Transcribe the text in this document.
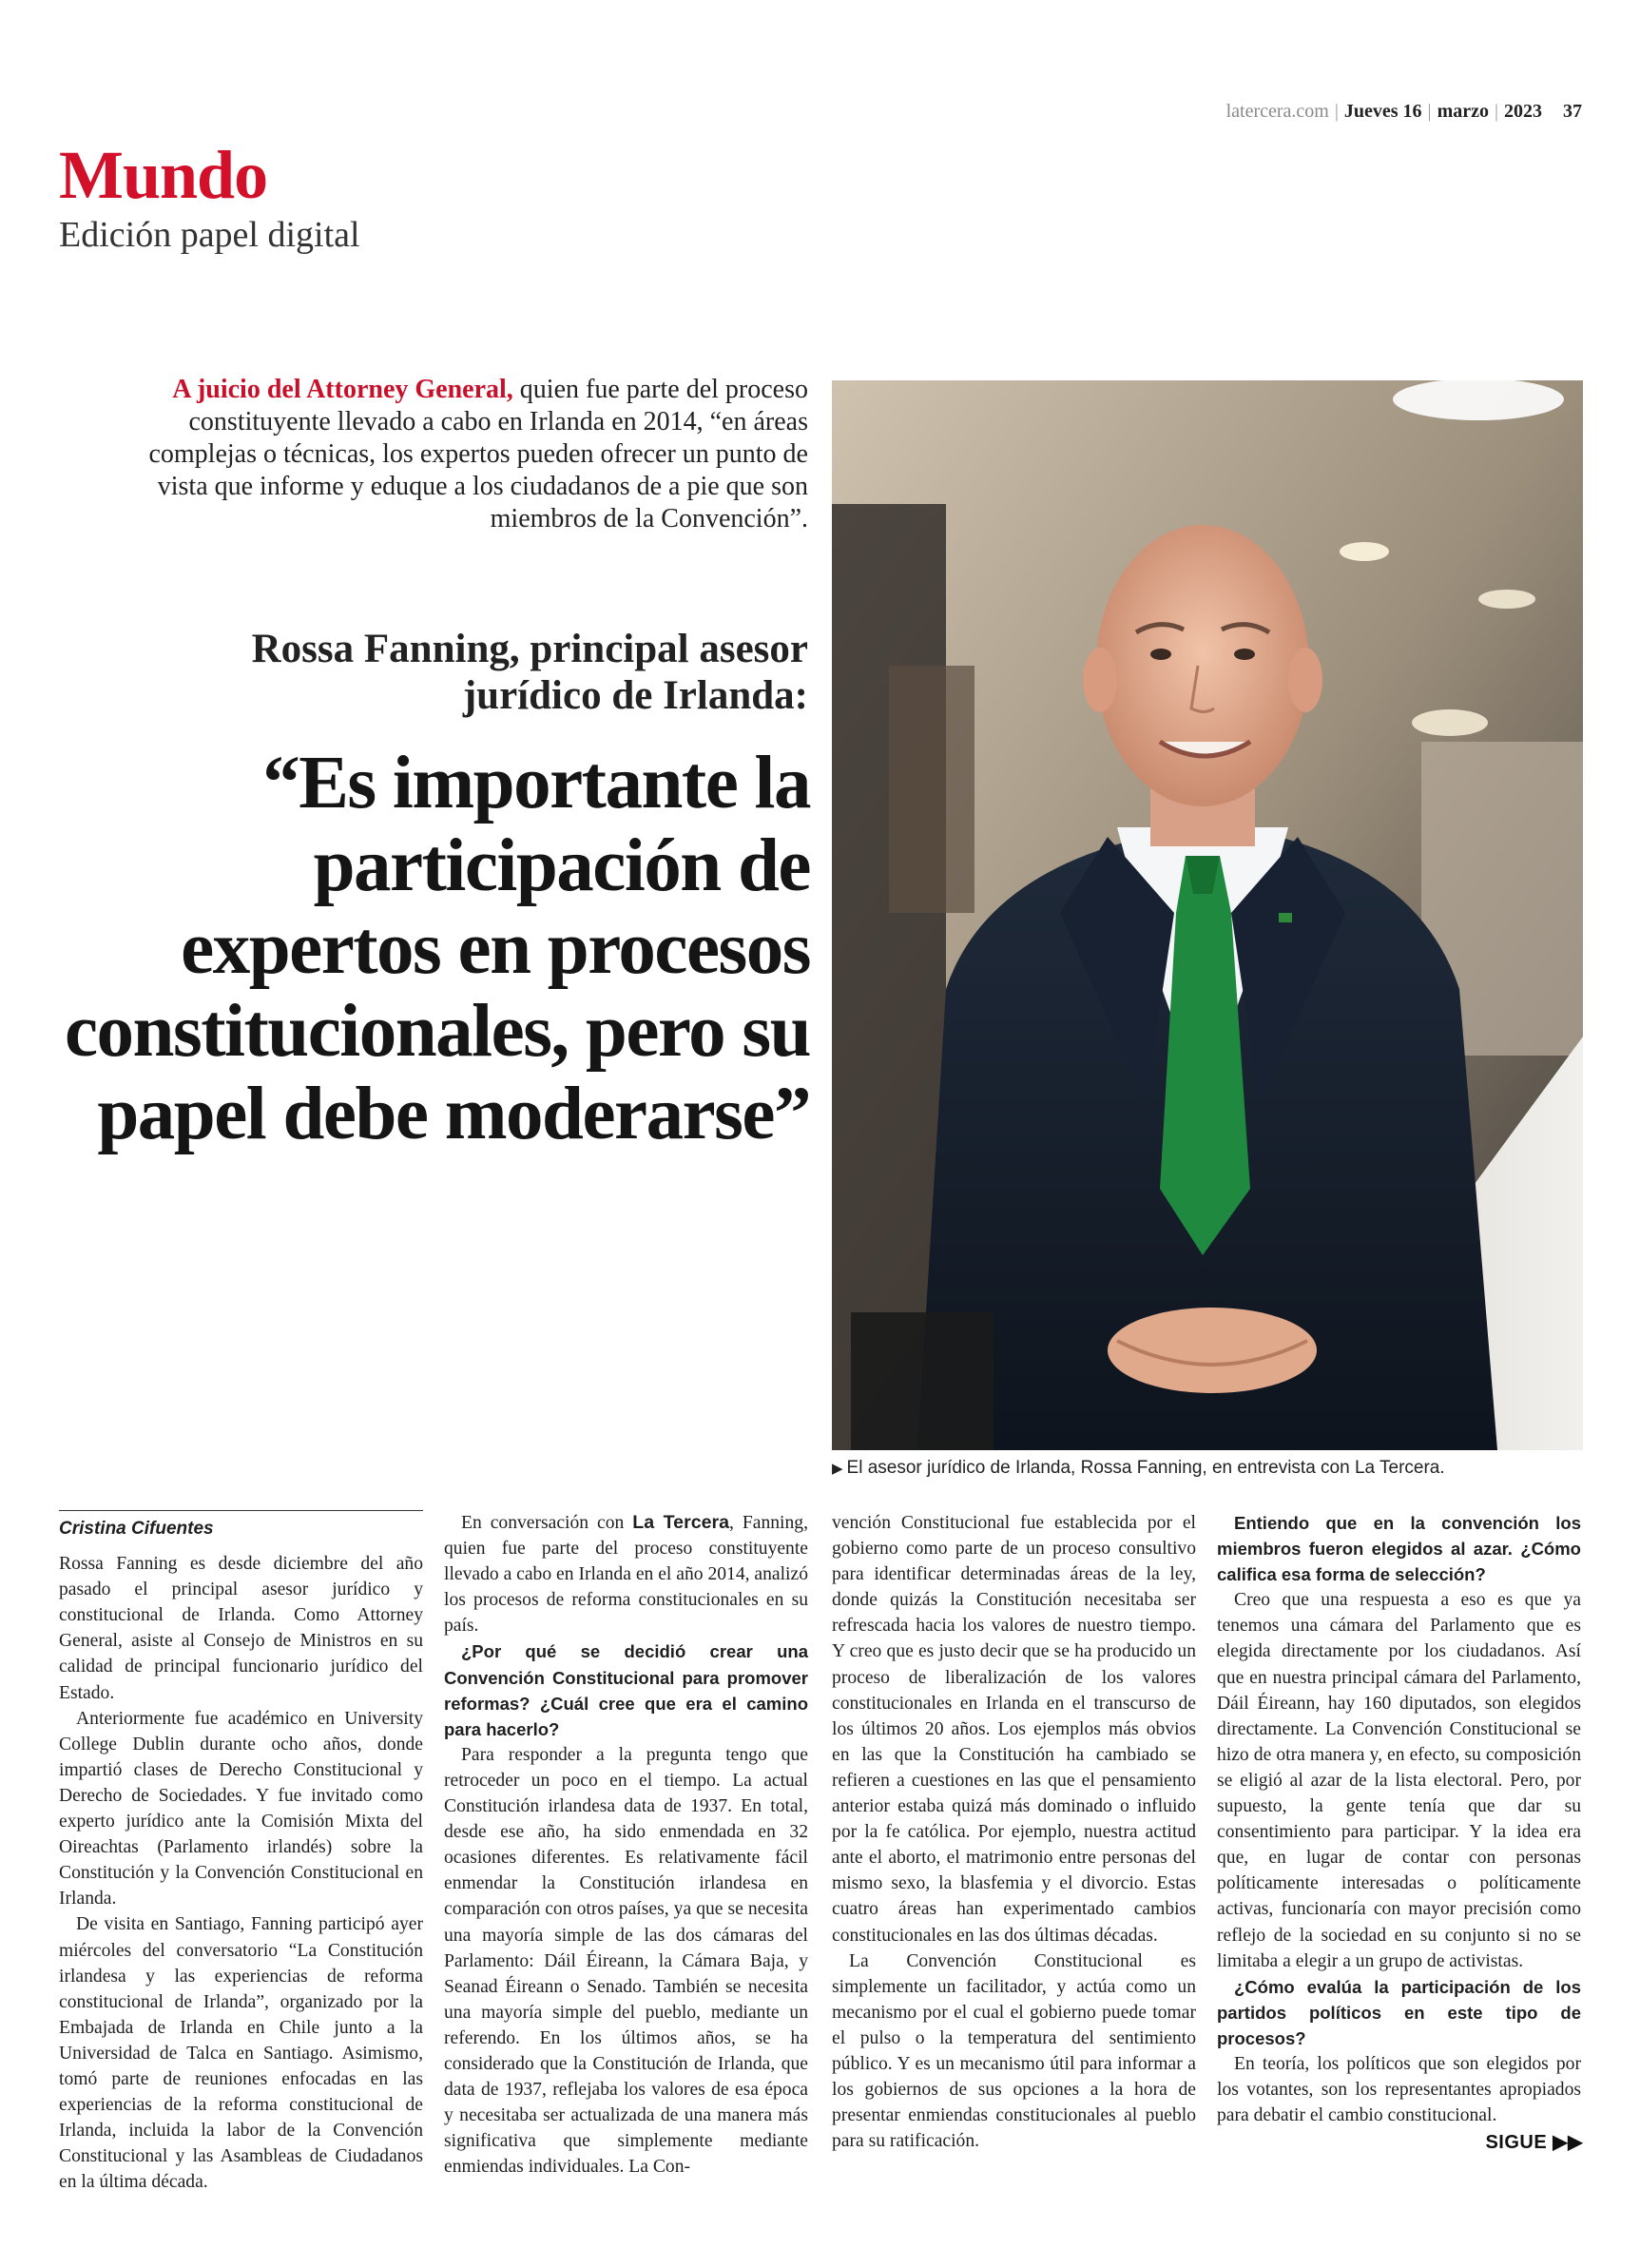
latercera.com | Jueves 16 | marzo | 2023 37
Mundo
Edición papel digital
A juicio del Attorney General, quien fue parte del proceso constituyente llevado a cabo en Irlanda en 2014, “en áreas complejas o técnicas, los expertos pueden ofrecer un punto de vista que informe y eduque a los ciudadanos de a pie que son miembros de la Convención”.
Rossa Fanning, principal asesor jurídico de Irlanda:
“Es importante la participación de expertos en procesos constitucionales, pero su papel debe moderarse”
▶ El asesor jurídico de Irlanda, Rossa Fanning, en entrevista con La Tercera.

Cristina Cifuentes

Rossa Fanning es desde diciembre del año pasado el principal asesor jurídico y constitucional de Irlanda. Como Attorney General, asiste al Consejo de Ministros en su calidad de principal funcionario jurídico del Estado.

Anteriormente fue académico en University College Dublin durante ocho años, donde impartió clases de Derecho Constitucional y Derecho de Sociedades. Y fue invitado como experto jurídico ante la Comisión Mixta del Oireachtas (Parlamento irlandés) sobre la Constitución y la Convención Constitucional en Irlanda.

De visita en Santiago, Fanning participó ayer miércoles del conversatorio “La Constitución irlandesa y las experiencias de reforma constitucional de Irlanda”, organizado por la Embajada de Irlanda en Chile junto a la Universidad de Talca en Santiago. Asimismo, tomó parte de reuniones enfocadas en las experiencias de la reforma constitucional de Irlanda, incluida la labor de la Convención Constitucional y las Asambleas de Ciudadanos en la última década.

En conversación con La Tercera, Fanning, quien fue parte del proceso constituyente llevado a cabo en Irlanda en el año 2014, analizó los procesos de reforma constitucionales en su país.

¿Por qué se decidió crear una Convención Constitucional para promover reformas? ¿Cuál cree que era el camino para hacerlo?

Para responder a la pregunta tengo que retroceder un poco en el tiempo. La actual Constitución irlandesa data de 1937. En total, desde ese año, ha sido enmendada en 32 ocasiones diferentes. Es relativamente fácil enmendar la Constitución irlandesa en comparación con otros países, ya que se necesita una mayoría simple de las dos cámaras del Parlamento: Dáil Éireann, la Cámara Baja, y Seanad Éireann o Senado. También se necesita una mayoría simple del pueblo, mediante un referendo. En los últimos años, se ha considerado que la Constitución de Irlanda, que data de 1937, reflejaba los valores de esa época y necesitaba ser actualizada de una manera más significativa que simplemente mediante enmiendas individuales. La Con-

vención Constitucional fue establecida por el gobierno como parte de un proceso consultivo para identificar determinadas áreas de la ley, donde quizás la Constitución necesitaba ser refrescada hacia los valores de nuestro tiempo. Y creo que es justo decir que se ha producido un proceso de liberalización de los valores constitucionales en Irlanda en el transcurso de los últimos 20 años. Los ejemplos más obvios en las que la Constitución ha cambiado se refieren a cuestiones en las que el pensamiento anterior estaba quizá más dominado o influido por la fe católica. Por ejemplo, nuestra actitud ante el aborto, el matrimonio entre personas del mismo sexo, la blasfemia y el divorcio. Estas cuatro áreas han experimentado cambios constitucionales en las dos últimas décadas.

La Convención Constitucional es simplemente un facilitador, y actúa como un mecanismo por el cual el gobierno puede tomar el pulso o la temperatura del sentimiento público. Y es un mecanismo útil para informar a los gobiernos de sus opciones a la hora de presentar enmiendas constitucionales al pueblo para su ratificación.

Entiendo que en la convención los miembros fueron elegidos al azar. ¿Cómo califica esa forma de selección?

Creo que una respuesta a eso es que ya tenemos una cámara del Parlamento que es elegida directamente por los ciudadanos. Así que en nuestra principal cámara del Parlamento, Dáil Éireann, hay 160 diputados, son elegidos directamente. La Convención Constitucional se hizo de otra manera y, en efecto, su composición se eligió al azar de la lista electoral. Pero, por supuesto, la gente tenía que dar su consentimiento para participar. Y la idea era que, en lugar de contar con personas políticamente interesadas o políticamente activas, funcionaría con mayor precisión como reflejo de la sociedad en su conjunto si no se limitaba a elegir a un grupo de activistas.

¿Cómo evalúa la participación de los partidos políticos en este tipo de procesos?

En teoría, los políticos que son elegidos por los votantes, son los representantes apropiados para debatir el cambio constitucional.

SIGUE ▶▶
